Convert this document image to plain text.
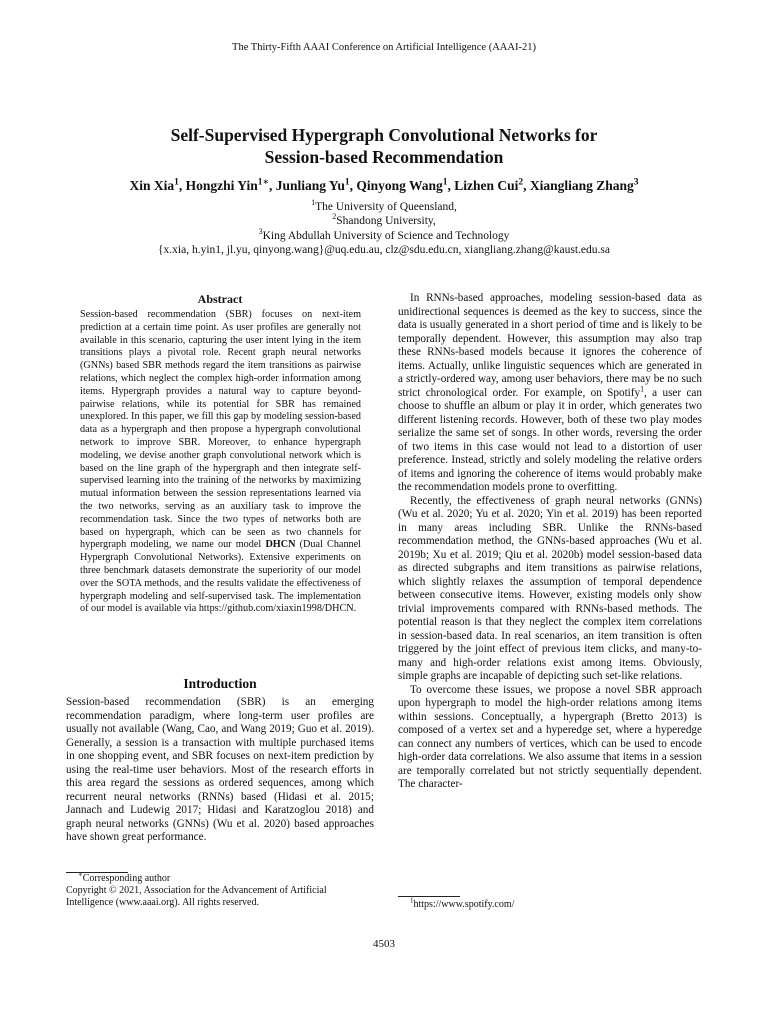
The Thirty-Fifth AAAI Conference on Artificial Intelligence (AAAI-21)
Self-Supervised Hypergraph Convolutional Networks for
Session-based Recommendation
Xin Xia$^1$, Hongzhi Yin$^{1∗}$, Junliang Yu$^1$, Qinyong Wang$^1$, Lizhen Cui$^2$, Xiangliang Zhang$^3$
$^1$The University of Queensland,
$^2$Shandong University,
$^3$King Abdullah University of Science and Technology
{x.xia, h.yin1, jl.yu, qinyong.wang}@uq.edu.au, clz@sdu.edu.cn, xiangliang.zhang@kaust.edu.sa
Abstract
Session-based recommendation (SBR) focuses on next-item prediction at a certain time point. As user profiles are generally not available in this scenario, capturing the user intent lying in the item transitions plays a pivotal role. Recent graph neural networks (GNNs) based SBR methods regard the item transitions as pairwise relations, which neglect the complex high-order information among items. Hypergraph provides a natural way to capture beyond-pairwise relations, while its potential for SBR has remained unexplored. In this paper, we fill this gap by modeling session-based data as a hypergraph and then propose a hypergraph convolutional network to improve SBR. Moreover, to enhance hypergraph modeling, we devise another graph convolutional network which is based on the line graph of the hypergraph and then integrate self-supervised learning into the training of the networks by maximizing mutual information between the session representations learned via the two networks, serving as an auxiliary task to improve the recommendation task. Since the two types of networks both are based on hypergraph, which can be seen as two channels for hypergraph modeling, we name our model DHCN (Dual Channel Hypergraph Convolutional Networks). Extensive experiments on three benchmark datasets demonstrate the superiority of our model over the SOTA methods, and the results validate the effectiveness of hypergraph modeling and self-supervised task. The implementation of our model is available via https://github.com/xiaxin1998/DHCN.
Introduction

Session-based recommendation (SBR) is an emerging recommendation paradigm, where long-term user profiles are usually not available (Wang, Cao, and Wang 2019; Guo et al. 2019). Generally, a session is a transaction with multiple purchased items in one shopping event, and SBR focuses on next-item prediction by using the real-time user behaviors. Most of the research efforts in this area regard the sessions as ordered sequences, among which recurrent neural networks (RNNs) based (Hidasi et al. 2015; Jannach and Ludewig 2017; Hidasi and Karatzoglou 2018) and graph neural networks (GNNs) (Wu et al. 2020) based approaches have shown great performance.

In RNNs-based approaches, modeling session-based data as unidirectional sequences is deemed as the key to success, since the data is usually generated in a short period of time and is likely to be temporally dependent. However, this assumption may also trap these RNNs-based models because it ignores the coherence of items. Actually, unlike linguistic sequences which are generated in a strictly-ordered way, among user behaviors, there may be no such strict chronological order. For example, on Spotify$^1$, a user can choose to shuffle an album or play it in order, which generates two different listening records. However, both of these two play modes serialize the same set of songs. In other words, reversing the order of two items in this case would not lead to a distortion of user preference. Instead, strictly and solely modeling the relative orders of items and ignoring the coherence of items would probably make the recommendation models prone to overfitting.

Recently, the effectiveness of graph neural networks (GNNs) (Wu et al. 2020; Yu et al. 2020; Yin et al. 2019) has been reported in many areas including SBR. Unlike the RNNs-based recommendation method, the GNNs-based approaches (Wu et al. 2019b; Xu et al. 2019; Qiu et al. 2020b) model session-based data as directed subgraphs and item transitions as pairwise relations, which slightly relaxes the assumption of temporal dependence between consecutive items. However, existing models only show trivial improvements compared with RNNs-based methods. The potential reason is that they neglect the complex item correlations in session-based data. In real scenarios, an item transition is often triggered by the joint effect of previous item clicks, and many-to-many and high-order relations exist among items. Obviously, simple graphs are incapable of depicting such set-like relations.

To overcome these issues, we propose a novel SBR approach upon hypergraph to model the high-order relations among items within sessions. Conceptually, a hypergraph (Bretto 2013) is composed of a vertex set and a hyperedge set, where a hyperedge can connect any numbers of vertices, which can be used to encode high-order data correlations. We also assume that items in a session are temporally correlated but not strictly sequentially dependent. The character-

∗Corresponding author
Copyright © 2021, Association for the Advancement of Artificial Intelligence (www.aaai.org). All rights reserved.	$^1$https://www.spotify.com/
4503
